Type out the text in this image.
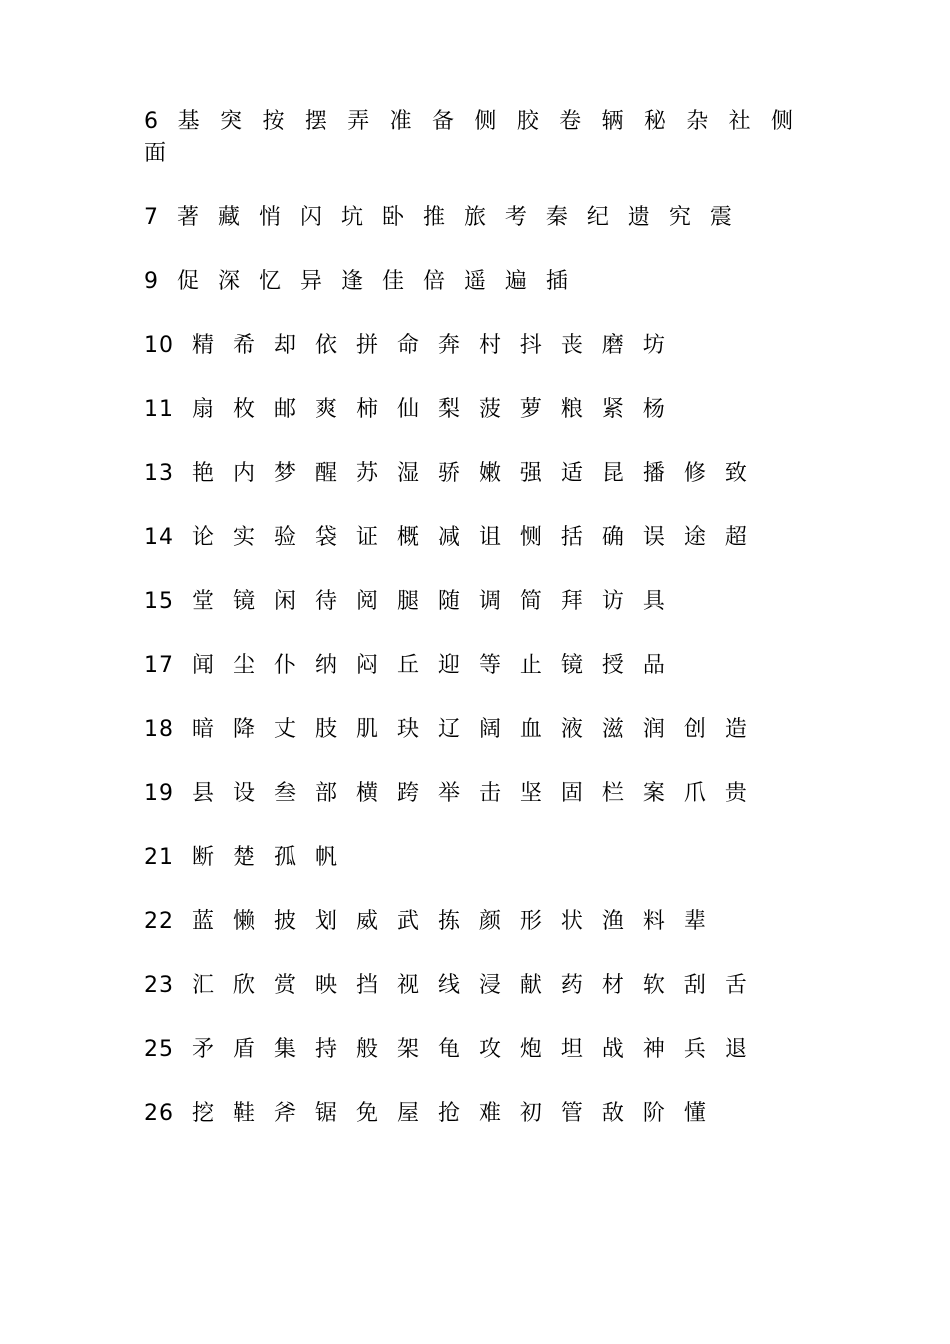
6 基 突 按 摆 弄 准 备 侧 胶 卷 辆 秘 杂 社 侧 面
7 著 藏 悄 闪 坑 卧 推 旅 考 秦 纪 遗 究 震
9 促 深 忆 异 逢 佳 倍 遥 遍 插
10 精 希 却 依 拼 命 奔 村 抖 丧 磨 坊
11 扇 枚 邮 爽 柿 仙 梨 菠 萝 粮 紧 杨
13 艳 内 梦 醒 苏 湿 骄 嫩 强 适 昆 播 修 致
14 论 实 验 袋 证 概 减 诅 恻 括 确 误 途 超
15 堂 镜 闲 待 阅 腿 随 调 简 拜 访 具
17 闻 尘 仆 纳 闷 丘 迎 等 止 镜 授 品
18 暗 降 丈 肢 肌 玦 辽 阔 血 液 滋 润 创 造
19 县 设 叁 部 横 跨 举 击 坚 固 栏 案 爪 贵
21 断 楚 孤 帆
22 蓝 懒 披 划 威 武 拣 颜 形 状 渔 料 辈
23 汇 欣 赏 映 挡 视 线 浸 献 药 材 软 刮 舌
25 矛 盾 集 持 般 架 龟 攻 炮 坦 战 神 兵 退
26 挖 鞋 斧 锯 免 屋 抢 难 初 管 敌 阶 懂
